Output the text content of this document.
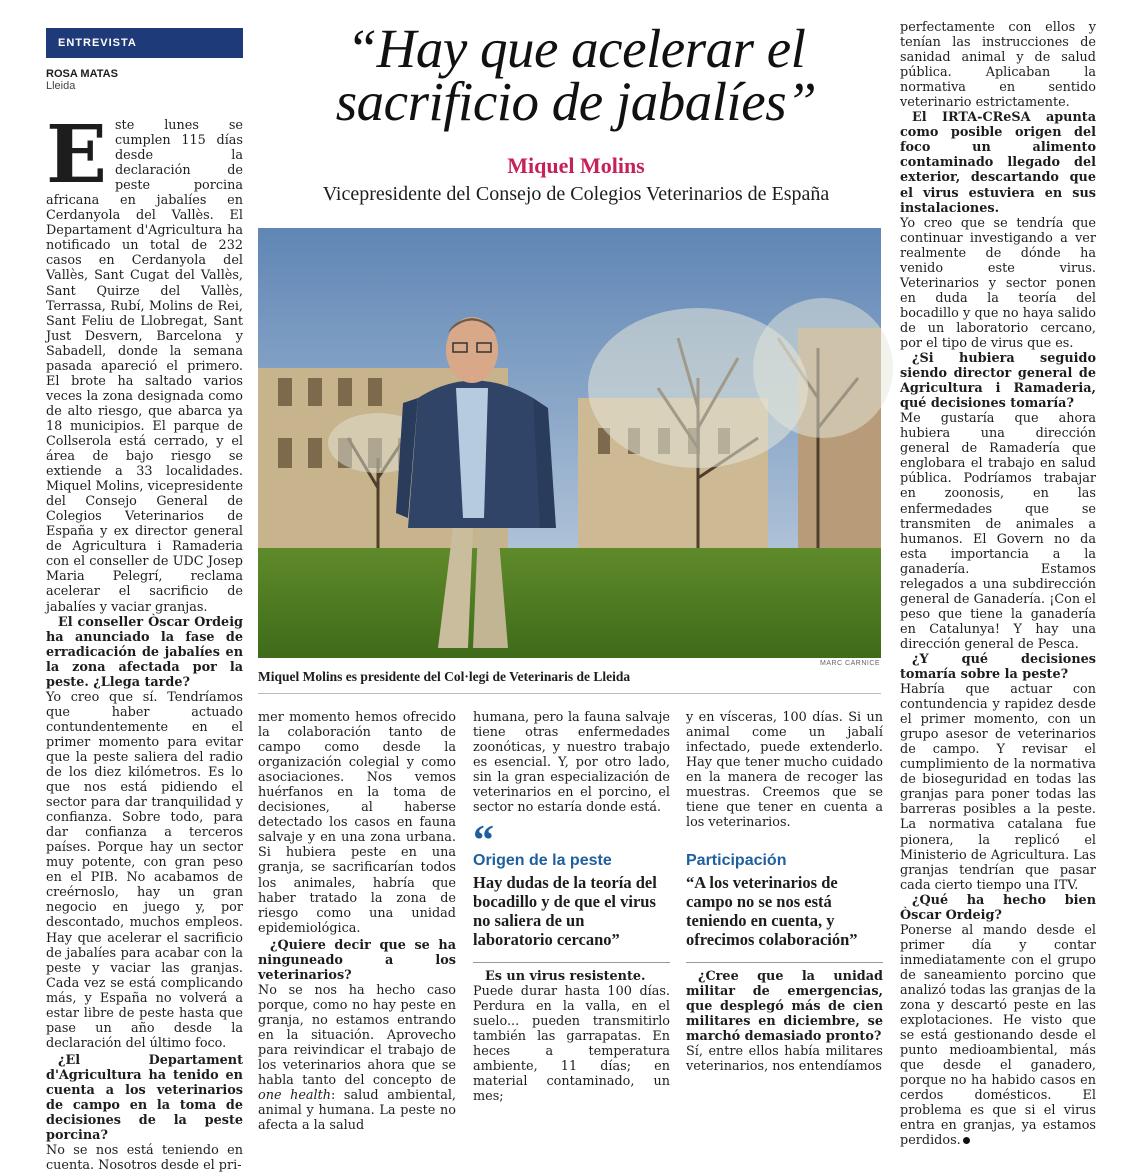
ENTREVISTA
ROSA MATAS
Lleida

Este lunes se cumplen 115 días desde la declaración de peste porcina africana en jabalíes en Cerdanyola del Vallès. El Departament d'Agricultura ha notificado un total de 232 casos en Cerdanyola del Vallès, Sant Cugat del Vallès, Sant Quirze del Vallès, Terrassa, Rubí, Molins de Rei, Sant Feliu de Llobregat, Sant Just Desvern, Barcelona y Sabadell, donde la semana pasada apareció el primero. El brote ha saltado varios veces la zona designada como de alto riesgo, que abarca ya 18 municipios. El parque de Collserola está cerrado, y el área de bajo riesgo se extiende a 33 localidades. Miquel Molins, vicepresidente del Consejo General de Colegios Veterinarios de España y ex director general de Agricultura i Ramaderia con el conseller de UDC Josep Maria Pelegrí, reclama acelerar el sacrificio de jabalíes y vaciar granjas.

El conseller Òscar Ordeig ha anunciado la fase de erradicación de jabalíes en la zona afectada por la peste. ¿Llega tarde?

Yo creo que sí. Tendríamos que haber actuado contundentemente en el primer momento para evitar que la peste saliera del radio de los diez kilómetros. Es lo que nos está pidiendo el sector para dar tranquilidad y confianza. Sobre todo, para dar confianza a terceros países. Porque hay un sector muy potente, con gran peso en el PIB. No acabamos de creérnoslo, hay un gran negocio en juego y, por descontado, muchos empleos. Hay que acelerar el sacrificio de jabalíes para acabar con la peste y vaciar las granjas. Cada vez se está complicando más, y España no volverá a estar libre de peste hasta que pase un año desde la declaración del último foco.

¿El Departament d'Agricultura ha tenido en cuenta a los veterinarios de campo en la toma de decisiones de la peste porcina?

No se nos está teniendo en cuenta. Nosotros desde el pri-

“Hay que acelerar el sacrificio de jabalíes”
Miquel Molins
Vicepresidente del Consejo de Colegios Veterinarios de España
MARC CARNICE
Miquel Molins es presidente del Col·legi de Veterinaris de Lleida

mer momento hemos ofrecido la colaboración tanto de campo como desde la organización colegial y como asociaciones. Nos vemos huérfanos en la toma de decisiones, al haberse detectado los casos en fauna salvaje y en una zona urbana. Si hubiera peste en una granja, se sacrificarían todos los animales, habría que haber tratado la zona de riesgo como una unidad epidemiológica.

¿Quiere decir que se ha ninguneado a los veterinarios?

No se nos ha hecho caso porque, como no hay peste en granja, no estamos entrando en la situación. Aprovecho para reivindicar el trabajo de los veterinarios ahora que se habla tanto del concepto de one health: salud ambiental, animal y humana. La peste no afecta a la salud

humana, pero la fauna salvaje tiene otras enfermedades zoonóticas, y nuestro trabajo es esencial. Y, por otro lado, sin la gran especialización de veterinarios en el porcino, el sector no estaría donde está.

“
Origen de la peste
Hay dudas de la teoría del bocadillo y de que el virus no saliera de un laboratorio cercano”

Es un virus resistente.

Puede durar hasta 100 días. Perdura en la valla, en el suelo... pueden transmitirlo también las garrapatas. En heces a temperatura ambiente, 11 días; en material contaminado, un mes;

y en vísceras, 100 días. Si un animal come un jabalí infectado, puede extenderlo. Hay que tener mucho cuidado en la manera de recoger las muestras. Creemos que se tiene que tener en cuenta a los veterinarios.

Participación
“A los veterinarios de campo no se nos está teniendo en cuenta, y ofrecimos colaboración”

¿Cree que la unidad militar de emergencias, que desplegó más de cien militares en diciembre, se marchó demasiado pronto?

Sí, entre ellos había militares veterinarios, nos entendíamos

perfectamente con ellos y tenían las instrucciones de sanidad animal y de salud pública. Aplicaban la normativa en sentido veterinario estrictamente.

El IRTA-CReSA apunta como posible origen del foco un alimento contaminado llegado del exterior, descartando que el virus estuviera en sus instalaciones.

Yo creo que se tendría que continuar investigando a ver realmente de dónde ha venido este virus. Veterinarios y sector ponen en duda la teoría del bocadillo y que no haya salido de un laboratorio cercano, por el tipo de virus que es.

¿Si hubiera seguido siendo director general de Agricultura i Ramaderia, qué decisiones tomaría?

Me gustaría que ahora hubiera una dirección general de Ramadería que englobara el trabajo en salud pública. Podríamos trabajar en zoonosis, en las enfermedades que se transmiten de animales a humanos. El Govern no da esta importancia a la ganadería. Estamos relegados a una subdirección general de Ganadería. ¡Con el peso que tiene la ganadería en Catalunya! Y hay una dirección general de Pesca.

¿Y qué decisiones tomaría sobre la peste?

Habría que actuar con contundencia y rapidez desde el primer momento, con un grupo asesor de veterinarios de campo. Y revisar el cumplimiento de la normativa de bioseguridad en todas las granjas para poner todas las barreras posibles a la peste. La normativa catalana fue pionera, la replicó el Ministerio de Agricultura. Las granjas tendrían que pasar cada cierto tiempo una ITV.

¿Qué ha hecho bien Òscar Ordeig?

Ponerse al mando desde el primer día y contar inmediatamente con el grupo de saneamiento porcino que analizó todas las granjas de la zona y descartó peste en las explotaciones. He visto que se está gestionando desde el punto medioambiental, más que desde el ganadero, porque no ha habido casos en cerdos domésticos. El problema es que si el virus entra en granjas, ya estamos perdidos.
